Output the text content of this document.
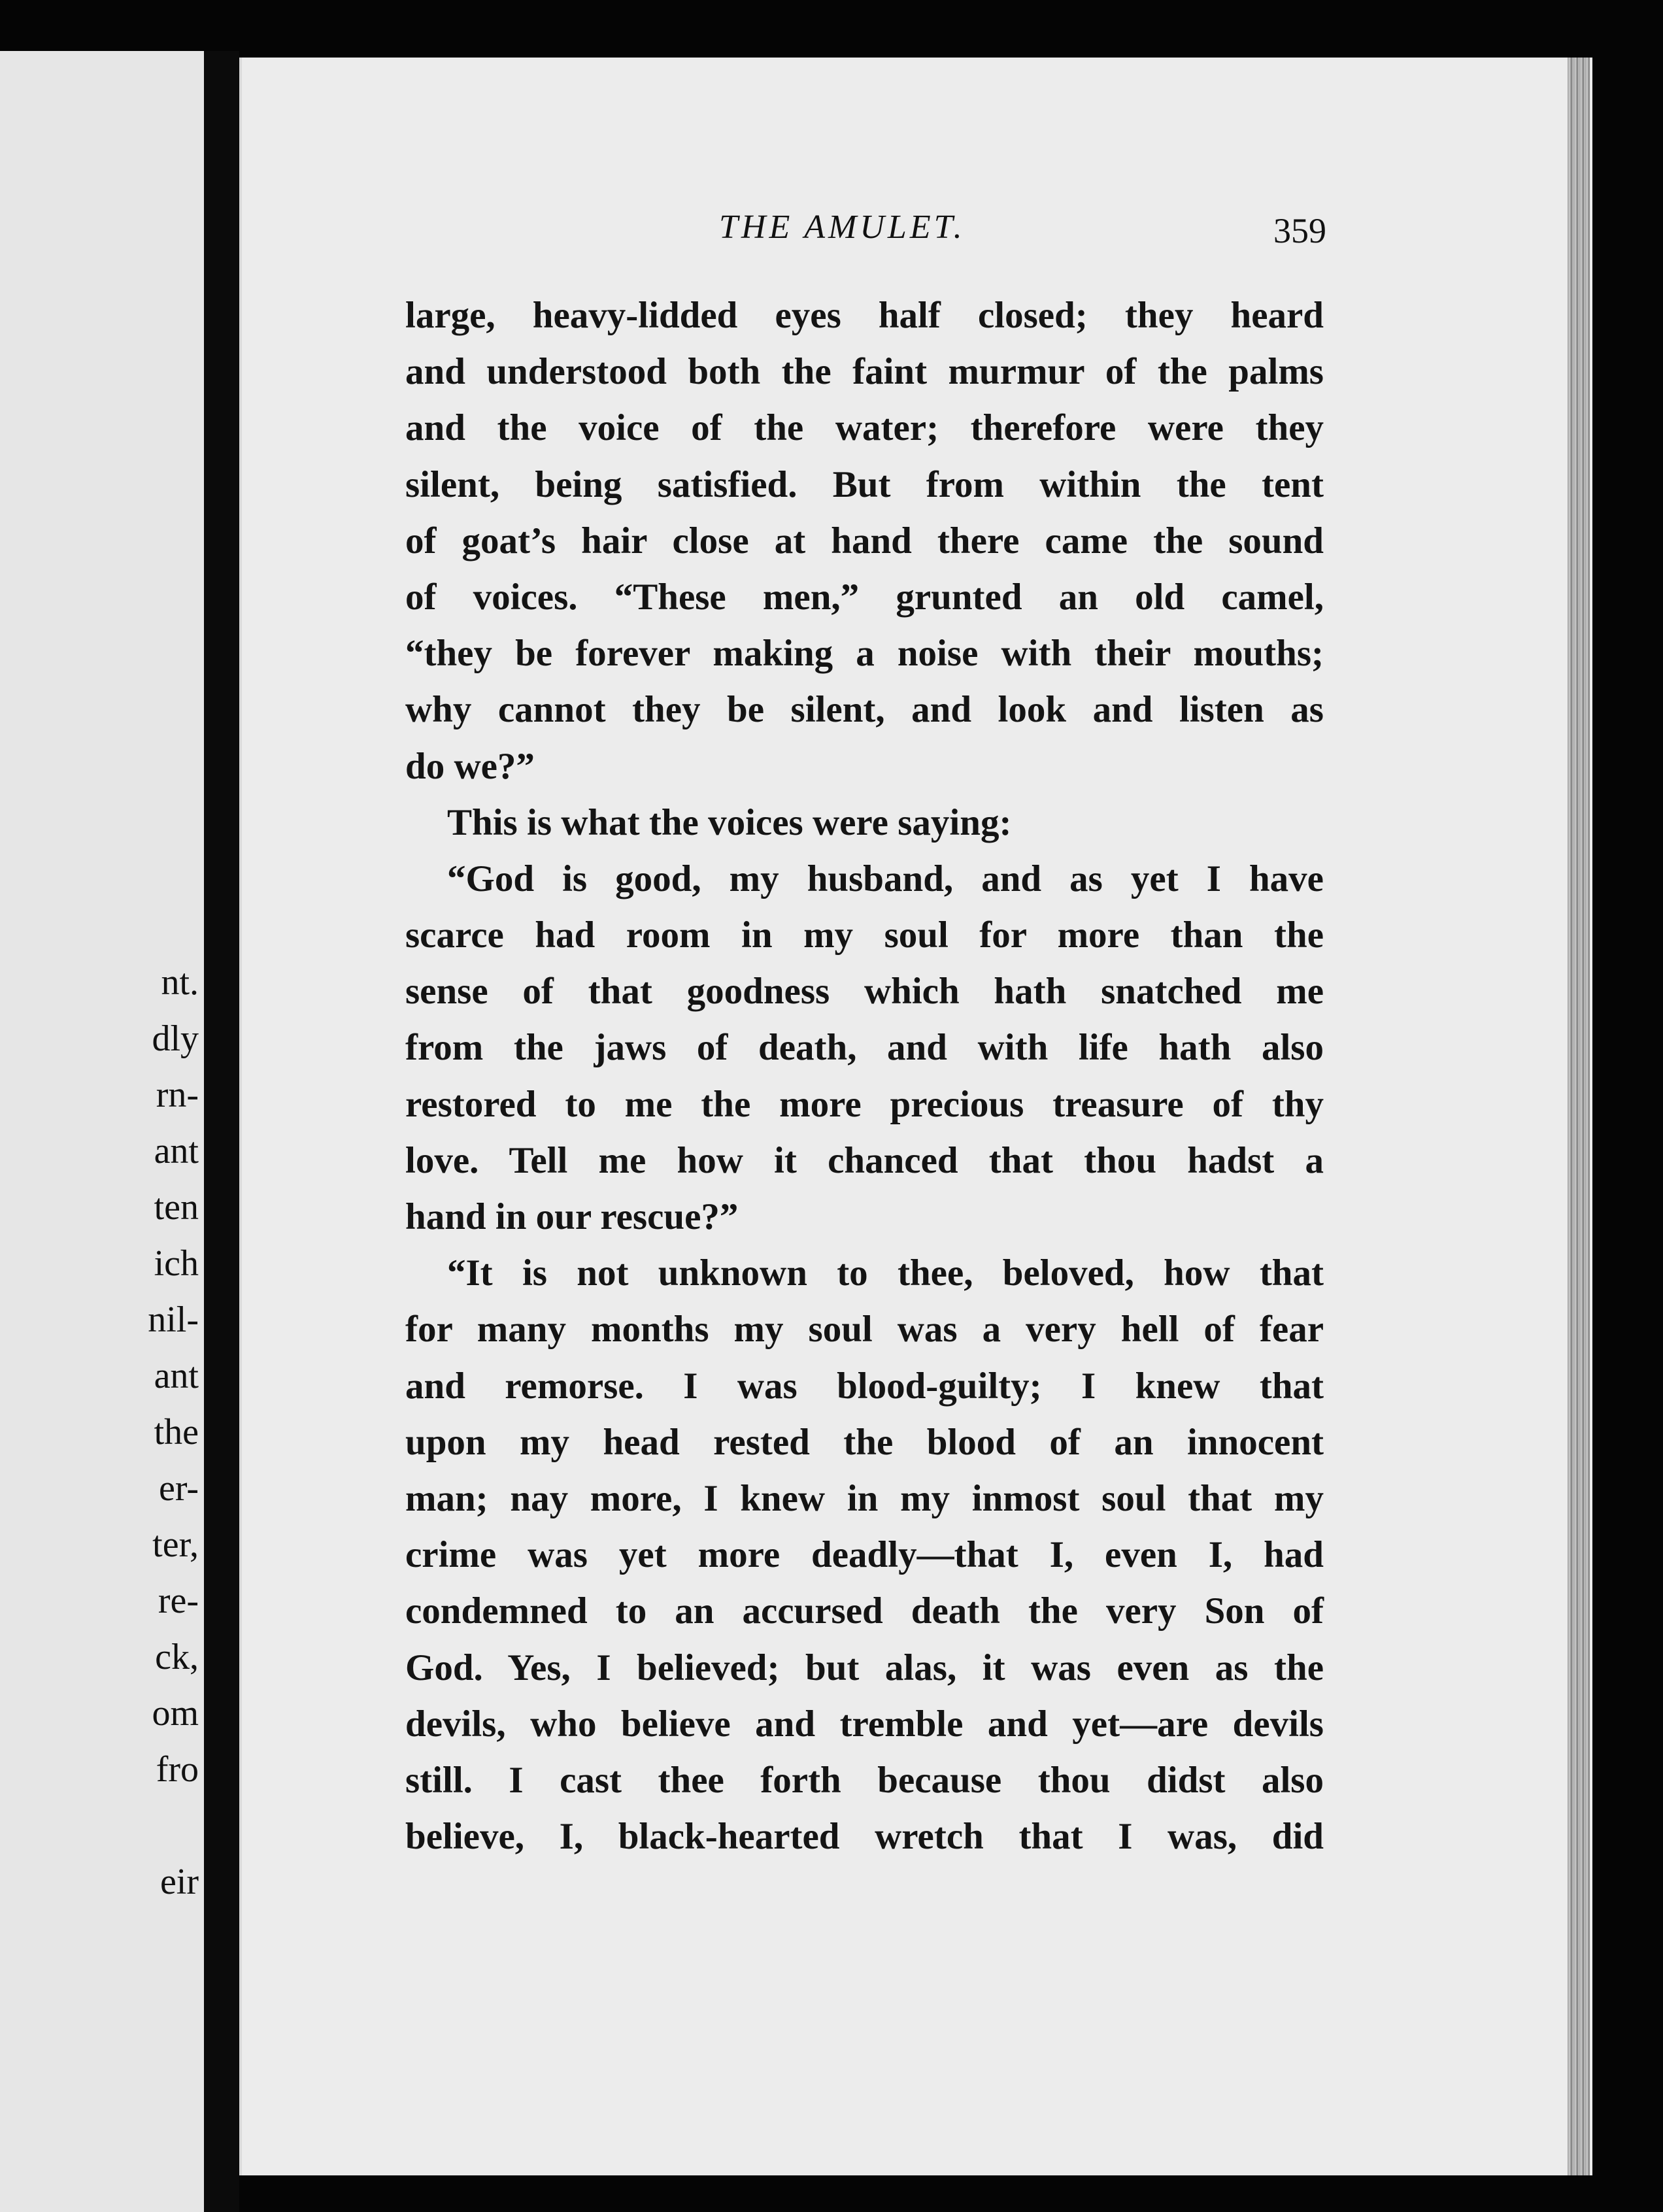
nt.
dly
rn-
ant
ten
ich
nil-
ant
the
er-
ter,
re-
ck,
om
fro
eir
THE AMULET.	359
large, heavy-lidded eyes half closed; they heard
and understood both the faint murmur of the palms
and the voice of the water; therefore were they
silent, being satisfied. But from within the tent
of goat’s hair close at hand there came the sound
of voices. “These men,” grunted an old camel,
“they be forever making a noise with their mouths;
why cannot they be silent, and look and listen as
do we?”
This is what the voices were saying:
“God is good, my husband, and as yet I have
scarce had room in my soul for more than the
sense of that goodness which hath snatched me
from the jaws of death, and with life hath also
restored to me the more precious treasure of thy
love. Tell me how it chanced that thou hadst a
hand in our rescue?”
“It is not unknown to thee, beloved, how that
for many months my soul was a very hell of fear
and remorse. I was blood-guilty; I knew that
upon my head rested the blood of an innocent
man; nay more, I knew in my inmost soul that my
crime was yet more deadly—that I, even I, had
condemned to an accursed death the very Son of
God. Yes, I believed; but alas, it was even as the
devils, who believe and tremble and yet—are devils
still. I cast thee forth because thou didst also
believe, I, black-hearted wretch that I was, did
